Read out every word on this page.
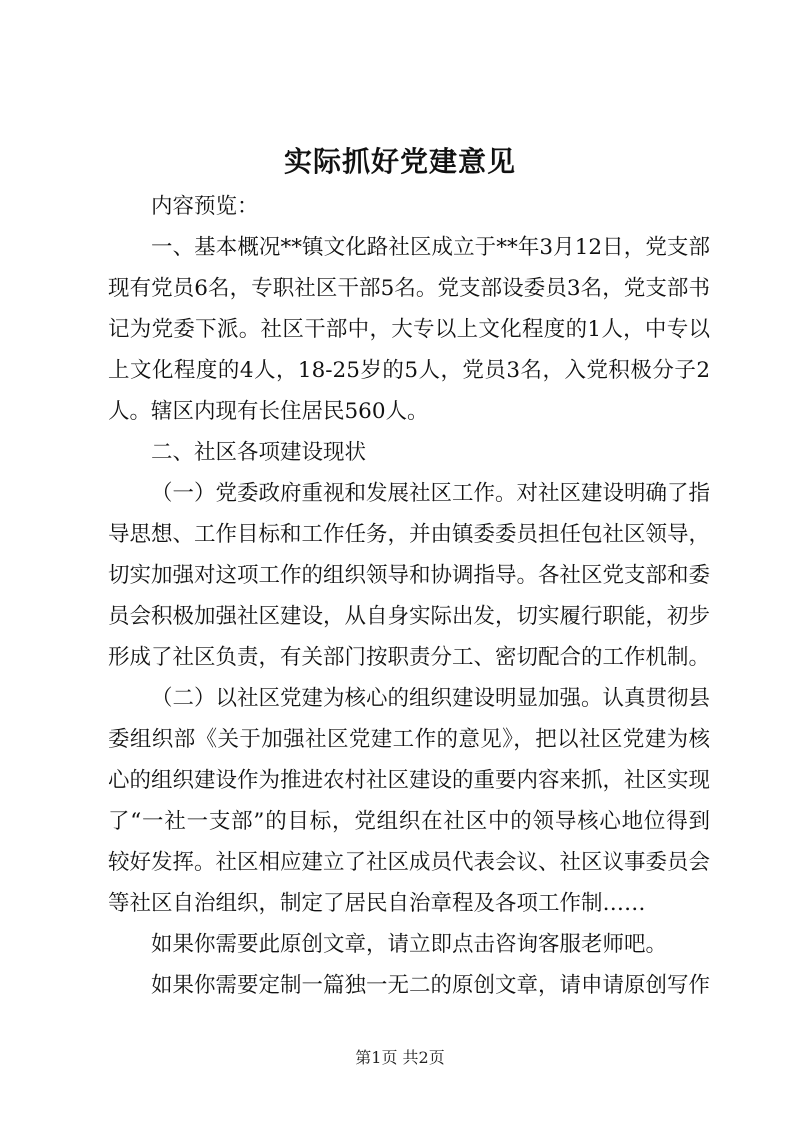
实际抓好党建意见

内容预览：

一、基本概况**镇文化路社区成立于**年3月12日，党支部现有党员6名，专职社区干部5名。党支部设委员3名，党支部书记为党委下派。社区干部中，大专以上文化程度的1人，中专以上文化程度的4人，18-25岁的5人，党员3名，入党积极分子2人。辖区内现有长住居民560人。

二、社区各项建设现状

（一）党委政府重视和发展社区工作。对社区建设明确了指导思想、工作目标和工作任务，并由镇委委员担任包社区领导，切实加强对这项工作的组织领导和协调指导。各社区党支部和委员会积极加强社区建设，从自身实际出发，切实履行职能，初步形成了社区负责，有关部门按职责分工、密切配合的工作机制。

（二）以社区党建为核心的组织建设明显加强。认真贯彻县委组织部《关于加强社区党建工作的意见》，把以社区党建为核心的组织建设作为推进农村社区建设的重要内容来抓，社区实现了“一社一支部”的目标，党组织在社区中的领导核心地位得到较好发挥。社区相应建立了社区成员代表会议、社区议事委员会等社区自治组织，制定了居民自治章程及各项工作制……

如果你需要此原创文章，请立即点击咨询客服老师吧。

如果你需要定制一篇独一无二的原创文章，请申请原创写作

第1页 共2页
